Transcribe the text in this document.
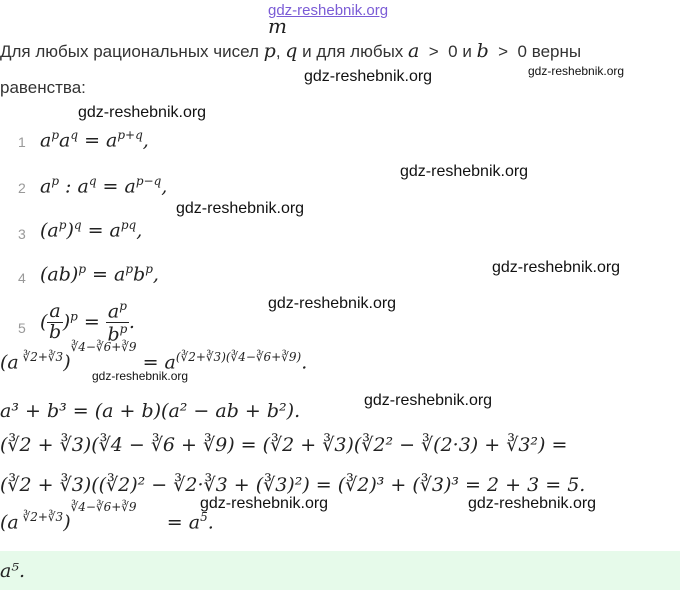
m
gdz-reshebnik.org
Для любых рациональных чисел p, q и для любых a  >  0 и b  >  0 верны
равенства:
gdz-reshebnik.org	gdz-reshebnik.org
gdz-reshebnik.org
1 $a^pa^q = a^{p+q}$,
2 $a^p$ : $a^q = a^{p-q}$,
gdz-reshebnik.org
gdz-reshebnik.org
3 $(a^p)^q = a^{pq}$,
4 $(ab)^p = a^pb^p$,	gdz-reshebnik.org
gdz-reshebnik.org
5 ( $\frac{a}{b} )^p = \frac{a^p}{b^p}$ .
(a $^{∛2+∛3})^{∛4-∛6+∛9} = a^{(∛2+∛3)(∛4-∛6+∛9)}$.
gdz-reshebnik.org
a³ + b³ = (a + b)(a² − ab + b²).	gdz-reshebnik.org
(∛2 + ∛3)(∛4 − ∛6 + ∛9) = (∛2 + ∛3)(∛2² − ∛(2·3) + ∛3²) =
(∛2 + ∛3)((∛2)² − ∛2·∛3 + (∛3)²) = (∛2)³ + (∛3)³ = 2 + 3 = 5.
(a $^{∛2+∛3}$)$^{∛4-∛6+∛9}$     = $a^5$.
gdz-reshebnik.org	gdz-reshebnik.org
a⁵.
